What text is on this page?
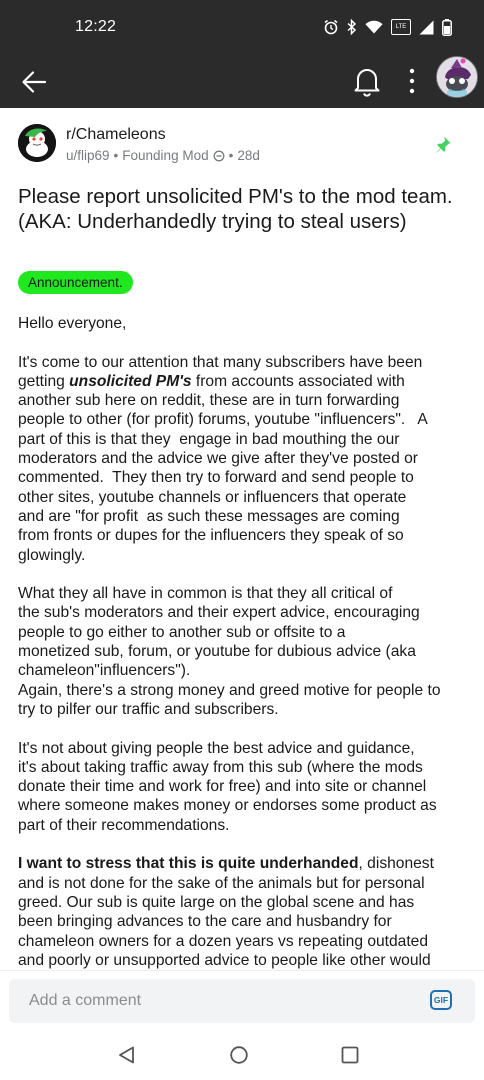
12:22	LTE
r/Chameleons
u/flip69 • Founding Mod • 28d
Please report unsolicited PM's to the mod team. (AKA: Underhandedly trying to steal users)
Announcement.

Hello everyone,

It's come to our attention that many subscribers have been
getting unsolicited PM's from accounts associated with
another sub here on reddit, these are in turn forwarding
people to other (for profit) forums, youtube "influencers".   A
part of this is that they  engage in bad mouthing the our
moderators and the advice we give after they've posted or
commented.  They then try to forward and send people to
other sites, youtube channels or influencers that operate
and are "for profit  as such these messages are coming
from fronts or dupes for the influencers they speak of so
glowingly.

What they all have in common is that they all critical of
the sub's moderators and their expert advice, encouraging
people to go either to another sub or offsite to a
monetized sub, forum, or youtube for dubious advice (aka
chameleon"influencers").
Again, there's a strong money and greed motive for people to
try to pilfer our traffic and subscribers.

It's not about giving people the best advice and guidance,
it's about taking traffic away from this sub (where the mods
donate their time and work for free) and into site or channel
where someone makes money or endorses some product as
part of their recommendations.

I want to stress that this is quite underhanded, dishonest
and is not done for the sake of the animals but for personal
greed. Our sub is quite large on the global scene and has
been bringing advances to the care and husbandry for
chameleon owners for a dozen years vs repeating outdated
and poorly or unsupported advice to people like other would

Add a comment	GIF
